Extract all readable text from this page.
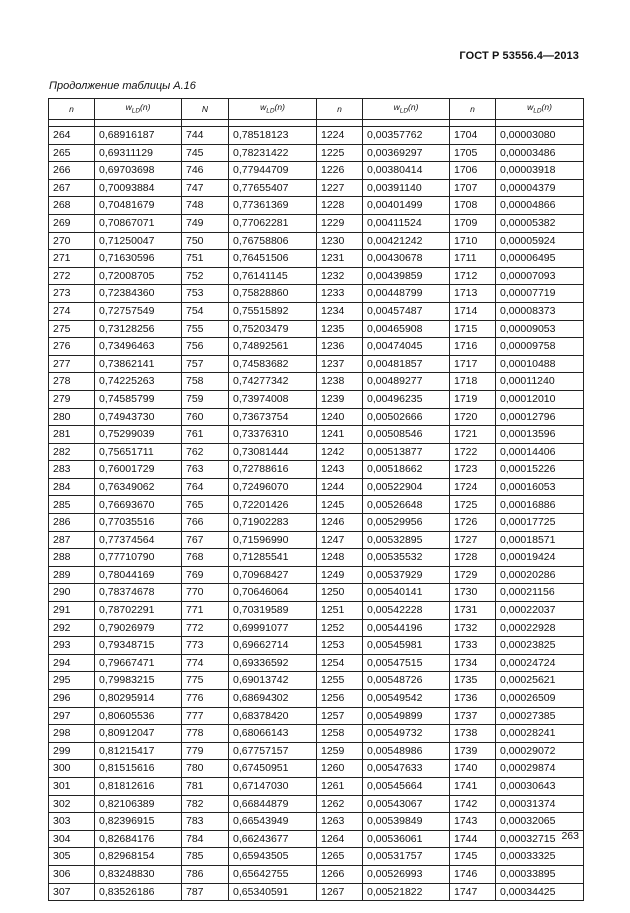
ГОСТ Р 53556.4—2013
Продолжение таблицы А.16
n	$w_{LD}(n)$	N	$w_{LD}(n)$	n	$w_{LD}(n)$	n	$w_{LD}(n)$

264	0,68916187	744	0,78518123	1224	0,00357762	1704	0,00003080
265	0,69311129	745	0,78231422	1225	0,00369297	1705	0,00003486
266	0,69703698	746	0,77944709	1226	0,00380414	1706	0,00003918
267	0,70093884	747	0,77655407	1227	0,00391140	1707	0,00004379
268	0,70481679	748	0,77361369	1228	0,00401499	1708	0,00004866
269	0,70867071	749	0,77062281	1229	0,00411524	1709	0,00005382
270	0,71250047	750	0,76758806	1230	0,00421242	1710	0,00005924
271	0,71630596	751	0,76451506	1231	0,00430678	1711	0,00006495
272	0,72008705	752	0,76141145	1232	0,00439859	1712	0,00007093
273	0,72384360	753	0,75828860	1233	0,00448799	1713	0,00007719
274	0,72757549	754	0,75515892	1234	0,00457487	1714	0,00008373
275	0,73128256	755	0,75203479	1235	0,00465908	1715	0,00009053
276	0,73496463	756	0,74892561	1236	0,00474045	1716	0,00009758
277	0,73862141	757	0,74583682	1237	0,00481857	1717	0,00010488
278	0,74225263	758	0,74277342	1238	0,00489277	1718	0,00011240
279	0,74585799	759	0,73974008	1239	0,00496235	1719	0,00012010
280	0,74943730	760	0,73673754	1240	0,00502666	1720	0,00012796
281	0,75299039	761	0,73376310	1241	0,00508546	1721	0,00013596
282	0,75651711	762	0,73081444	1242	0,00513877	1722	0,00014406
283	0,76001729	763	0,72788616	1243	0,00518662	1723	0,00015226
284	0,76349062	764	0,72496070	1244	0,00522904	1724	0,00016053
285	0,76693670	765	0,72201426	1245	0,00526648	1725	0,00016886
286	0,77035516	766	0,71902283	1246	0,00529956	1726	0,00017725
287	0,77374564	767	0,71596990	1247	0,00532895	1727	0,00018571
288	0,77710790	768	0,71285541	1248	0,00535532	1728	0,00019424
289	0,78044169	769	0,70968427	1249	0,00537929	1729	0,00020286
290	0,78374678	770	0,70646064	1250	0,00540141	1730	0,00021156
291	0,78702291	771	0,70319589	1251	0,00542228	1731	0,00022037
292	0,79026979	772	0,69991077	1252	0,00544196	1732	0,00022928
293	0,79348715	773	0,69662714	1253	0,00545981	1733	0,00023825
294	0,79667471	774	0,69336592	1254	0,00547515	1734	0,00024724
295	0,79983215	775	0,69013742	1255	0,00548726	1735	0,00025621
296	0,80295914	776	0,68694302	1256	0,00549542	1736	0,00026509
297	0,80605536	777	0,68378420	1257	0,00549899	1737	0,00027385
298	0,80912047	778	0,68066143	1258	0,00549732	1738	0,00028241
299	0,81215417	779	0,67757157	1259	0,00548986	1739	0,00029072
300	0,81515616	780	0,67450951	1260	0,00547633	1740	0,00029874
301	0,81812616	781	0,67147030	1261	0,00545664	1741	0,00030643
302	0,82106389	782	0,66844879	1262	0,00543067	1742	0,00031374
303	0,82396915	783	0,66543949	1263	0,00539849	1743	0,00032065
304	0,82684176	784	0,66243677	1264	0,00536061	1744	0,00032715
305	0,82968154	785	0,65943505	1265	0,00531757	1745	0,00033325
306	0,83248830	786	0,65642755	1266	0,00526993	1746	0,00033895
307	0,83526186	787	0,65340591	1267	0,00521822	1747	0,00034425
263
